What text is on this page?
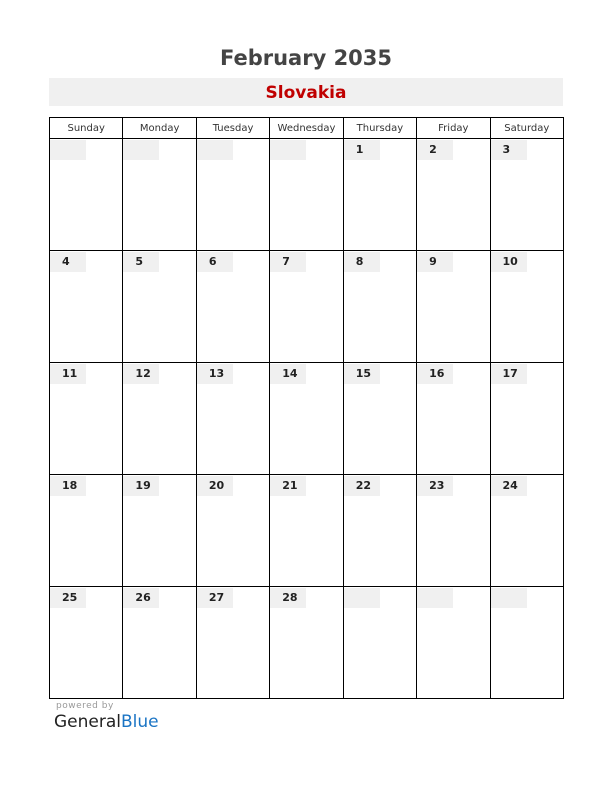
February 2035
Slovakia
Sunday	Monday	Tuesday	Wednesday	Thursday	Friday	Saturday

				1	2	3

4	5	6	7	8	9	10

11	12	13	14	15	16	17

18	19	20	21	22	23	24

25	26	27	28			

powered by
GeneralBlue
